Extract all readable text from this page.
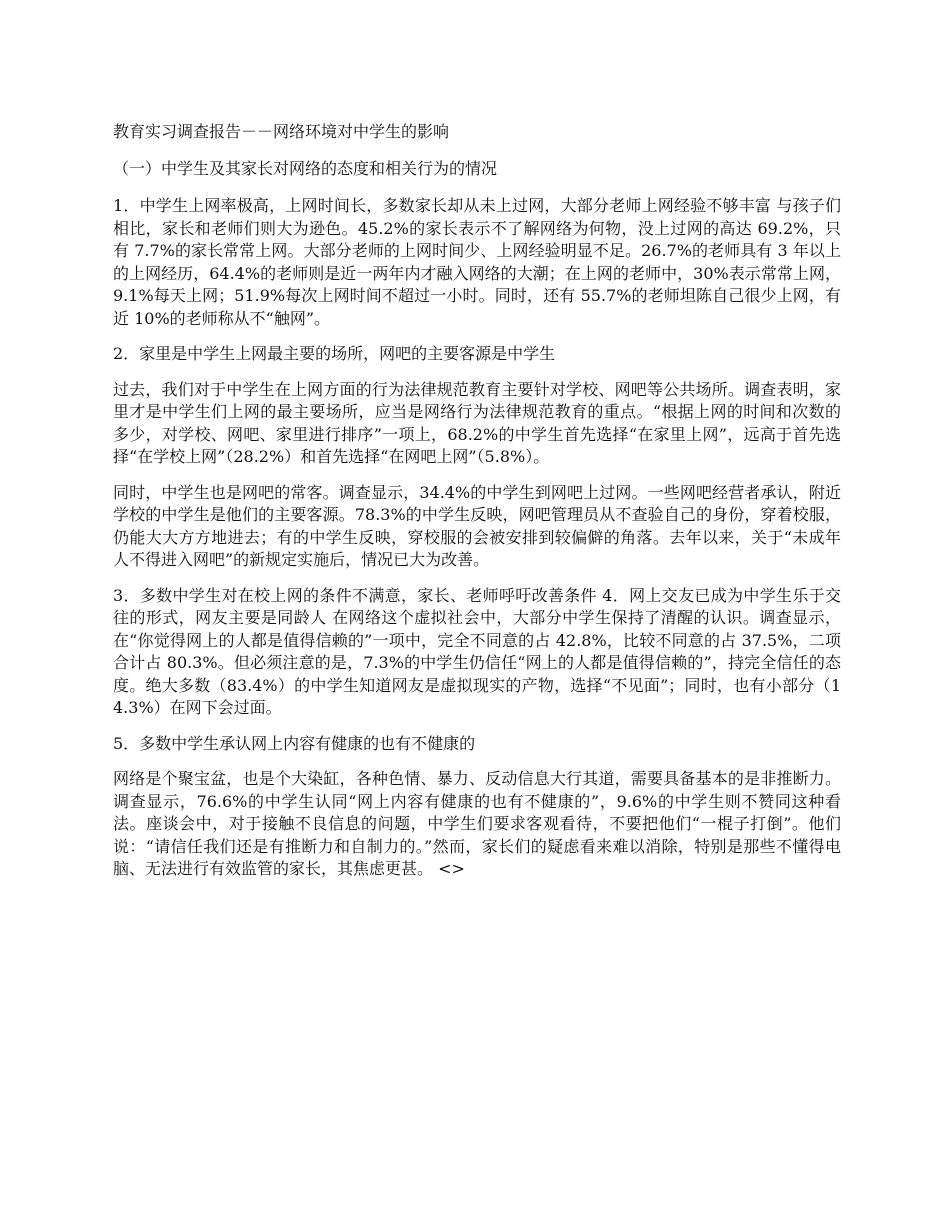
教育实习调查报告－－网络环境对中学生的影响

（一）中学生及其家长对网络的态度和相关行为的情况

1．中学生上网率极高，上网时间长，多数家长却从未上过网，大部分老师上网经验不够丰富 与孩子们相比，家长和老师们则大为逊色。45.2%的家长表示不了解网络为何物，没上过网的高达 69.2%，只有 7.7%的家长常常上网。大部分老师的上网时间少、上网经验明显不足。26.7%的老师具有 3 年以上的上网经历，64.4%的老师则是近一两年内才融入网络的大潮；在上网的老师中，30%表示常常上网，9.1%每天上网；51.9%每次上网时间不超过一小时。同时，还有 55.7%的老师坦陈自己很少上网，有近 10%的老师称从不“触网”。

2．家里是中学生上网最主要的场所，网吧的主要客源是中学生

过去，我们对于中学生在上网方面的行为法律规范教育主要针对学校、网吧等公共场所。调查表明，家里才是中学生们上网的最主要场所，应当是网络行为法律规范教育的重点。“根据上网的时间和次数的多少，对学校、网吧、家里进行排序”一项上，68.2%的中学生首先选择“在家里上网”，远高于首先选择“在学校上网”（28.2%）和首先选择“在网吧上网”（5.8%）。

同时，中学生也是网吧的常客。调查显示，34.4%的中学生到网吧上过网。一些网吧经营者承认，附近学校的中学生是他们的主要客源。78.3%的中学生反映，网吧管理员从不查验自己的身份，穿着校服，仍能大大方方地进去；有的中学生反映，穿校服的会被安排到较偏僻的角落。去年以来，关于“未成年人不得进入网吧”的新规定实施后，情况已大为改善。

3．多数中学生对在校上网的条件不满意，家长、老师呼吁改善条件 4．网上交友已成为中学生乐于交往的形式，网友主要是同龄人 在网络这个虚拟社会中，大部分中学生保持了清醒的认识。调查显示，在“你觉得网上的人都是值得信赖的”一项中，完全不同意的占 42.8%，比较不同意的占 37.5%，二项合计占 80.3%。但必须注意的是，7.3%的中学生仍信任“网上的人都是值得信赖的”，持完全信任的态度。绝大多数（83.4%）的中学生知道网友是虚拟现实的产物，选择“不见面”；同时，也有小部分（14.3%）在网下会过面。

5．多数中学生承认网上内容有健康的也有不健康的

网络是个聚宝盆，也是个大染缸，各种色情、暴力、反动信息大行其道，需要具备基本的是非推断力。调查显示，76.6%的中学生认同“网上内容有健康的也有不健康的”，9.6%的中学生则不赞同这种看法。座谈会中，对于接触不良信息的问题，中学生们要求客观看待，不要把他们“一棍子打倒”。他们说：“请信任我们还是有推断力和自制力的。”然而，家长们的疑虑看来难以消除，特别是那些不懂得电脑、无法进行有效监管的家长，其焦虑更甚。 <>
